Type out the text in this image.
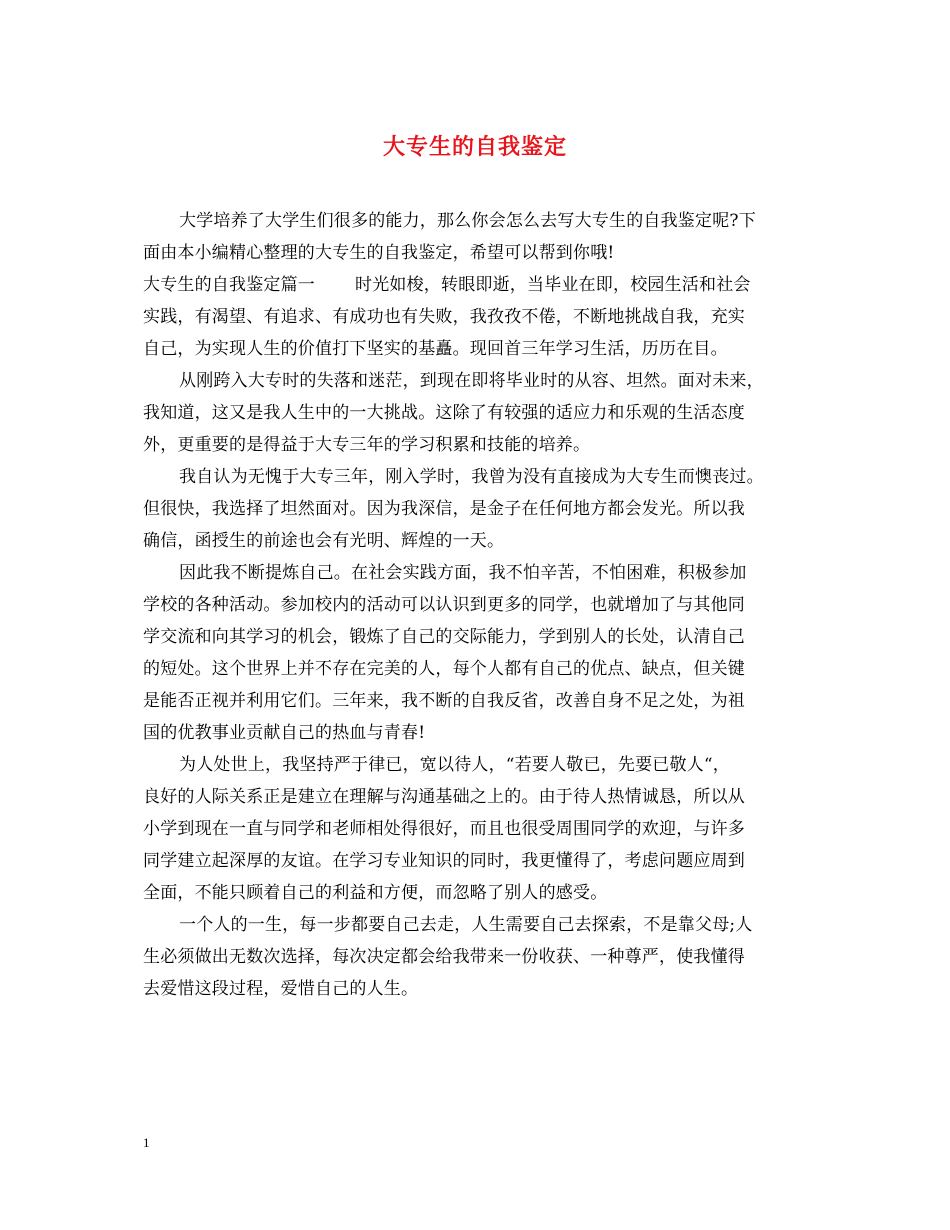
大专生的自我鉴定
大学培养了大学生们很多的能力，那么你会怎么去写大专生的自我鉴定呢?下
面由本小编精心整理的大专生的自我鉴定，希望可以帮到你哦!
大专生的自我鉴定篇一 时光如梭，转眼即逝，当毕业在即，校园生活和社会
实践，有渴望、有追求、有成功也有失败，我孜孜不倦，不断地挑战自我，充实
自己，为实现人生的价值打下坚实的基矗。现回首三年学习生活，历历在目。
从刚跨入大专时的失落和迷茫，到现在即将毕业时的从容、坦然。面对未来，
我知道，这又是我人生中的一大挑战。这除了有较强的适应力和乐观的生活态度
外，更重要的是得益于大专三年的学习积累和技能的培养。
我自认为无愧于大专三年，刚入学时，我曾为没有直接成为大专生而懊丧过。
但很快，我选择了坦然面对。因为我深信，是金子在任何地方都会发光。所以我
确信，函授生的前途也会有光明、辉煌的一天。
因此我不断提炼自己。在社会实践方面，我不怕辛苦，不怕困难，积极参加
学校的各种活动。参加校内的活动可以认识到更多的同学，也就增加了与其他同
学交流和向其学习的机会，锻炼了自己的交际能力，学到别人的长处，认清自己
的短处。这个世界上并不存在完美的人，每个人都有自己的优点、缺点，但关键
是能否正视并利用它们。三年来，我不断的自我反省，改善自身不足之处，为祖
国的优教事业贡献自己的热血与青春!
为人处世上，我坚持严于律已，宽以待人，“若要人敬已，先要已敬人“，
良好的人际关系正是建立在理解与沟通基础之上的。由于待人热情诚恳，所以从
小学到现在一直与同学和老师相处得很好，而且也很受周围同学的欢迎，与许多
同学建立起深厚的友谊。在学习专业知识的同时，我更懂得了，考虑问题应周到
全面，不能只顾着自己的利益和方便，而忽略了别人的感受。
一个人的一生，每一步都要自己去走，人生需要自己去探索，不是靠父母;人
生必须做出无数次选择，每次决定都会给我带来一份收获、一种尊严，使我懂得
去爱惜这段过程，爱惜自己的人生。
1
